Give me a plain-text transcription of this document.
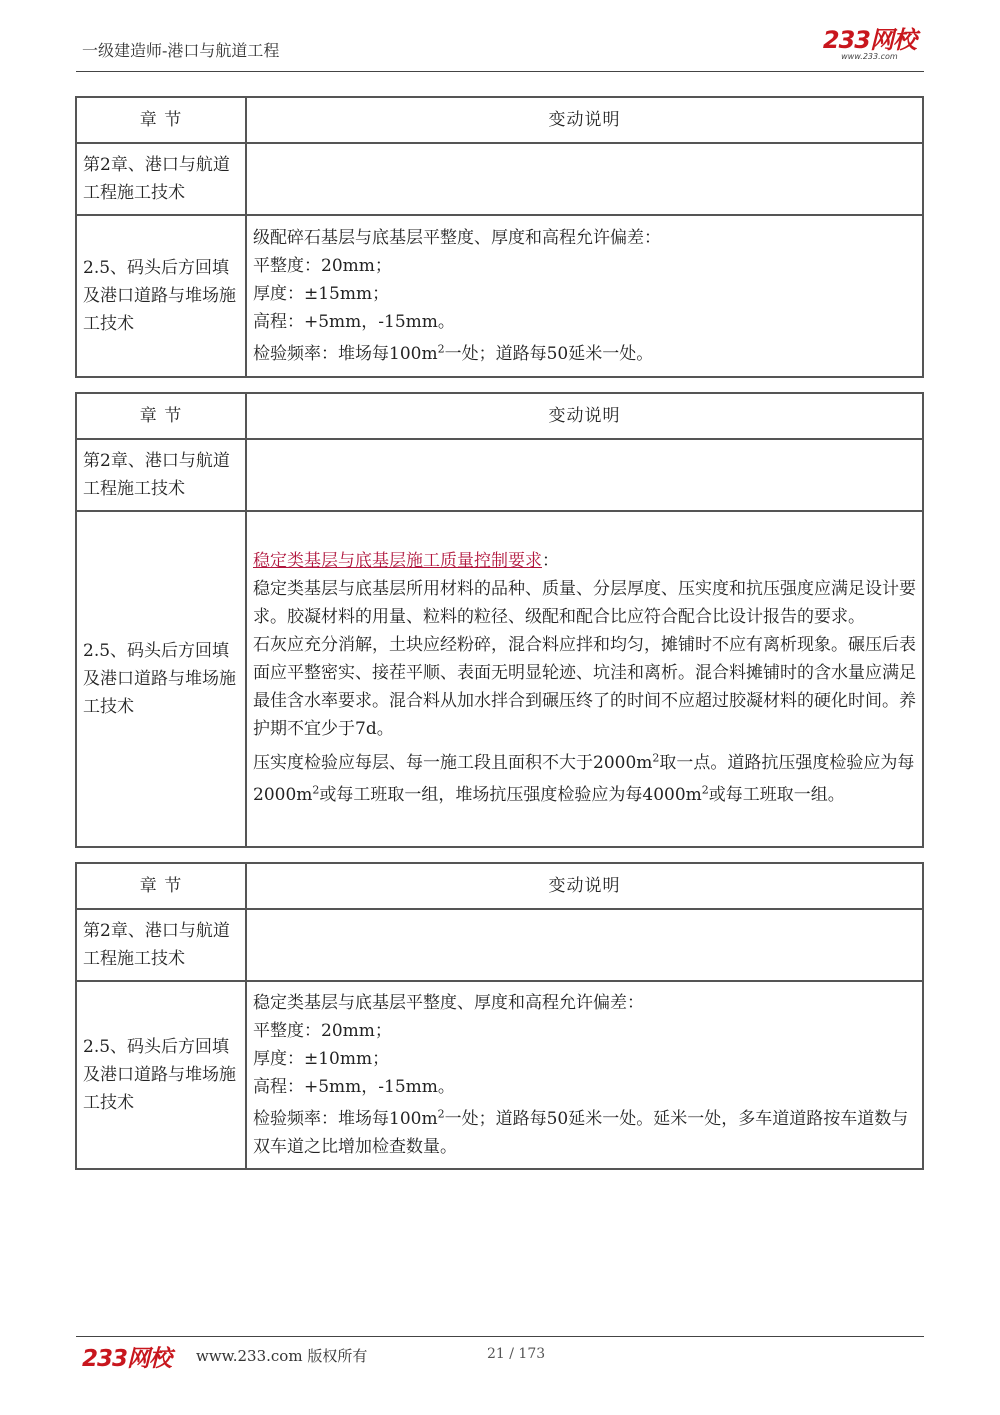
一级建造师-港口与航道工程	233网校
www.233.com
章 节	变动说明
第2章、港口与航道工程施工技术	
2.5、码头后方回填及港口道路与堆场施工技术	级配碎石基层与底基层平整度、厚度和高程允许偏差：

平整度：20mm；

厚度：±15mm；

高程：+5mm，-15mm。

检验频率：堆场每$100m^2$一处；道路每50延米一处。

章 节	变动说明
第2章、港口与航道工程施工技术	
2.5、码头后方回填及港口道路与堆场施工技术	稳定类基层与底基层施工质量控制要求：

稳定类基层与底基层所用材料的品种、质量、分层厚度、压实度和抗压强度应满足设计要求。胶凝材料的用量、粒料的粒径、级配和配合比应符合配合比设计报告的要求。

石灰应充分消解，土块应经粉碎，混合料应拌和均匀，摊铺时不应有离析现象。碾压后表面应平整密实、接茬平顺、表面无明显轮迹、坑洼和离析。混合料摊铺时的含水量应满足最佳含水率要求。混合料从加水拌合到碾压终了的时间不应超过胶凝材料的硬化时间。养护期不宜少于7d。

压实度检验应每层、每一施工段且面积不大于$2000m^2$取一点。道路抗压强度检验应为每$2000m^2$或每工班取一组，堆场抗压强度检验应为每$4000m^2$或每工班取一组。

章 节	变动说明
第2章、港口与航道工程施工技术	
2.5、码头后方回填及港口道路与堆场施工技术	稳定类基层与底基层平整度、厚度和高程允许偏差：

平整度：20mm；

厚度：±10mm；

高程：+5mm，-15mm。

检验频率：堆场每$100m^2$一处；道路每50延米一处。延米一处，多车道道路按车道数与双车道之比增加检查数量。

233网校 www.233.com 版权所有	21 / 173
